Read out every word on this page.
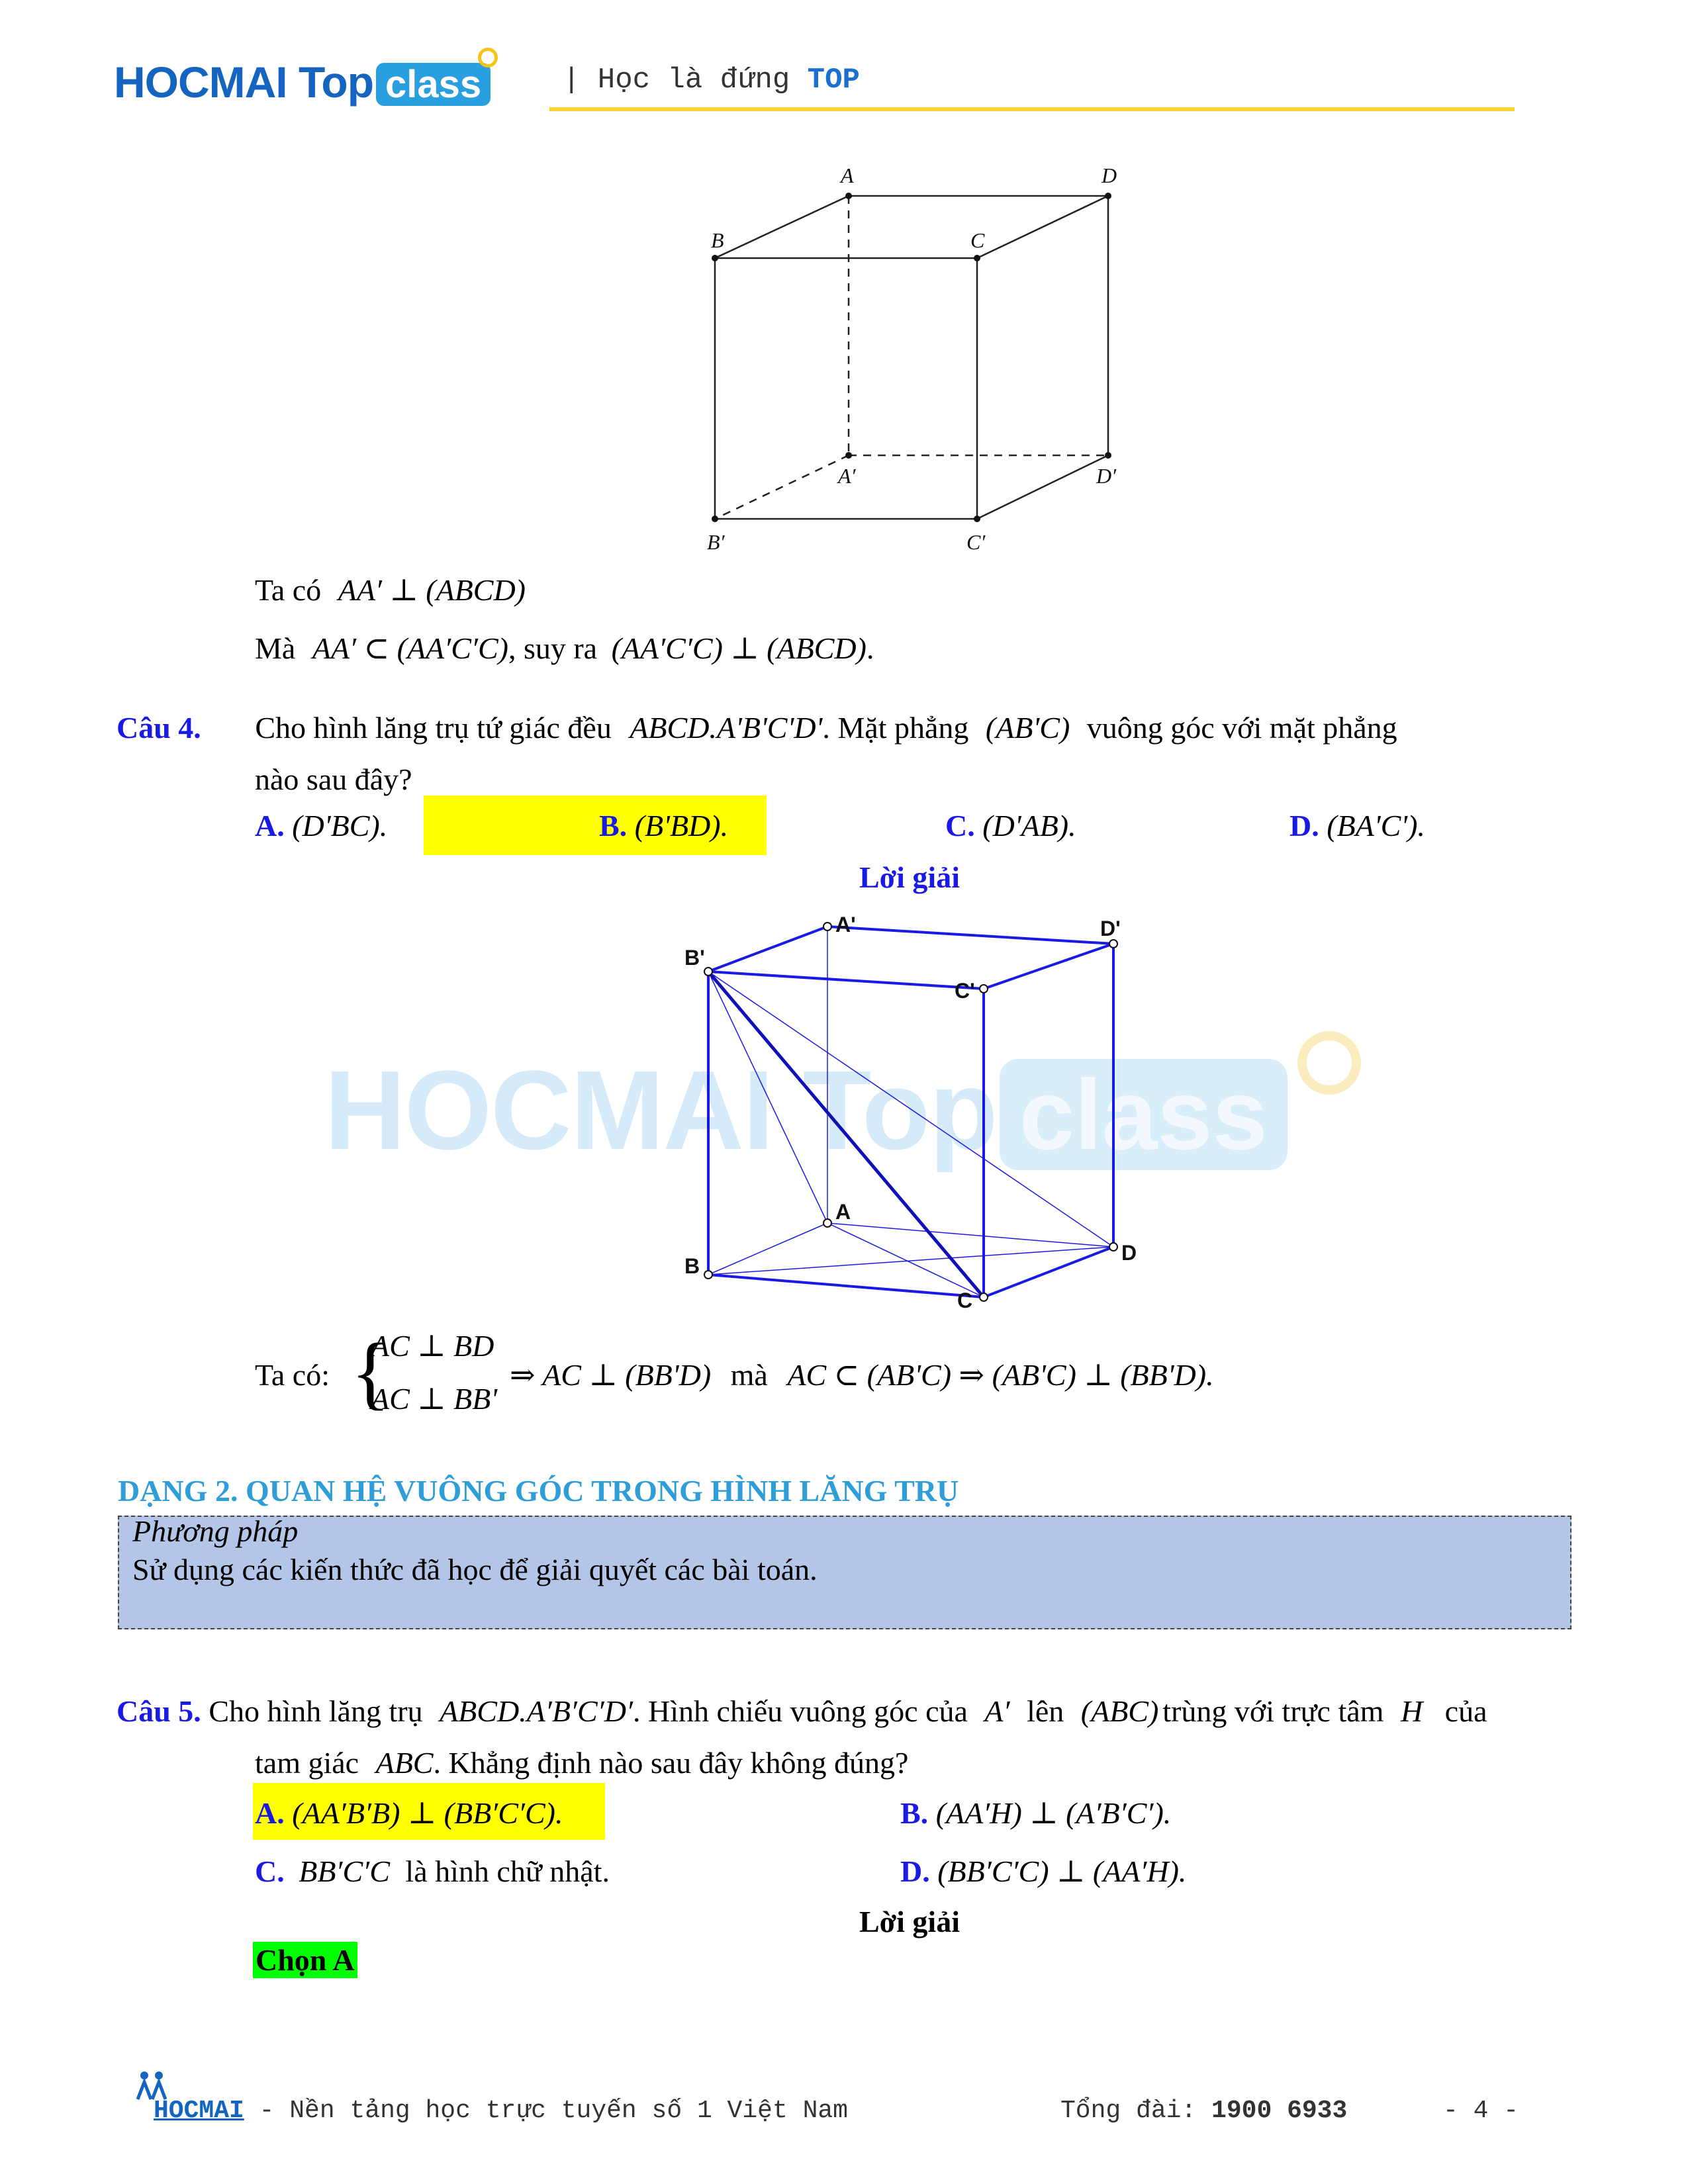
HOCMAI Top class	| Học là đứng TOP
A	D
B	C
A′	D′
B′	C′
Ta có AA′ ⊥ (ABCD)
Mà AA′ ⊂ (AA′C′C), suy ra (AA′C′C) ⊥ (ABCD).
Câu 4. Cho hình lăng trụ tứ giác đều ABCD.A'B'C'D'. Mặt phẳng (AB'C) vuông góc với mặt phẳng
nào sau đây?
A. (D'BC).	B. (B'BD).	C. (D'AB).	D. (BA'C').
Lời giải
HOCMAI Top class
A'	D'
B'
C'
A
B
D
C
Ta có: {
AC ⊥ BD
AC ⊥ BB'
⇒ AC ⊥ (BB'D) mà AC ⊂ (AB'C) ⇒ (AB'C) ⊥ (BB'D).
DẠNG 2. QUAN HỆ VUÔNG GÓC TRONG HÌNH LĂNG TRỤ
Phương pháp
Sử dụng các kiến thức đã học để giải quyết các bài toán.
Câu 5. Cho hình lăng trụ ABCD.A′B′C′D′. Hình chiếu vuông góc của A′ lên (ABC) trùng với trực tâm H của
tam giác ABC. Khẳng định nào sau đây không đúng?
A. (AA′B′B) ⊥ (BB′C′C).	B. (AA′H) ⊥ (A′B′C′).
C. BB′C′C là hình chữ nhật.	D. (BB′C′C) ⊥ (AA′H).
Lời giải
Chọn A
HOCMAI - Nền tảng học trực tuyến số 1 Việt Nam	Tổng đài: 1900 6933	- 4 -
